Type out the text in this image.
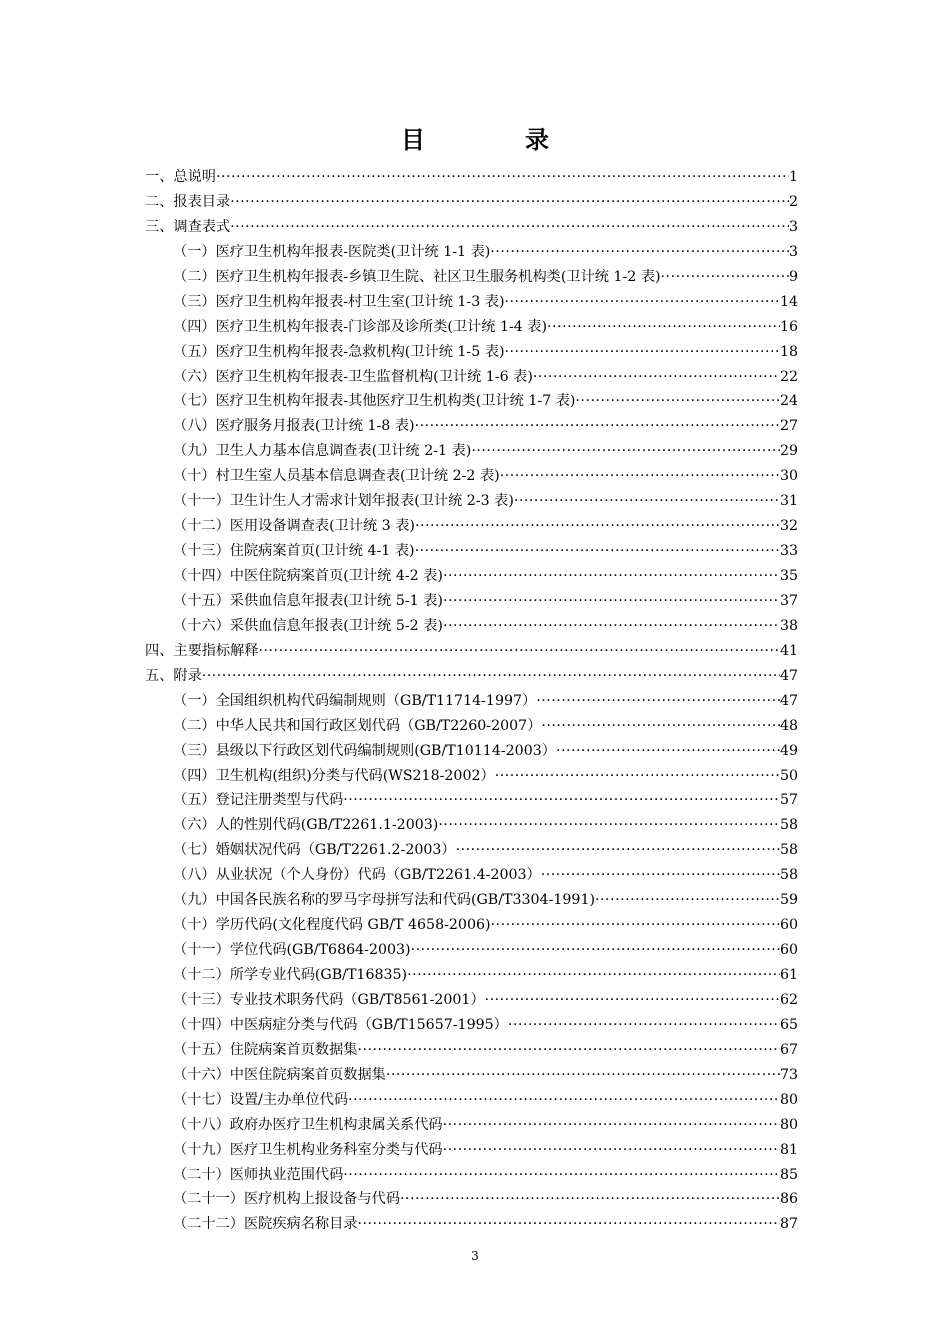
目　录
一、总说明 ·····	1
二、报表目录 ·····	2
三、调查表式 ·····	3
（一）医疗卫生机构年报表-医院类(卫计统 1-1 表) ·····	3
（二）医疗卫生机构年报表-乡镇卫生院、社区卫生服务机构类(卫计统 1-2 表) ·····	9
（三）医疗卫生机构年报表-村卫生室(卫计统 1-3 表) ·····	14
（四）医疗卫生机构年报表-门诊部及诊所类(卫计统 1-4 表) ·····	16
（五）医疗卫生机构年报表-急救机构(卫计统 1-5 表) ·····	18
（六）医疗卫生机构年报表-卫生监督机构(卫计统 1-6 表) ·····	22
（七）医疗卫生机构年报表-其他医疗卫生机构类(卫计统 1-7 表) ·····	24
（八）医疗服务月报表(卫计统 1-8 表) ·····	27
（九）卫生人力基本信息调查表(卫计统 2-1 表) ·····	29
（十）村卫生室人员基本信息调查表(卫计统 2-2 表) ·····	30
（十一）卫生计生人才需求计划年报表(卫计统 2-3 表) ·····	31
（十二）医用设备调查表(卫计统 3 表) ·····	32
（十三）住院病案首页(卫计统 4-1 表) ·····	33
（十四）中医住院病案首页(卫计统 4-2 表) ·····	35
（十五）采供血信息年报表(卫计统 5-1 表) ·····	37
（十六）采供血信息年报表(卫计统 5-2 表) ·····	38
四、主要指标解释 ·····	41
五、附录 ·····	47
（一）全国组织机构代码编制规则（GB/T11714-1997） ·····	47
（二）中华人民共和国行政区划代码（GB/T2260-2007） ·····	48
（三）县级以下行政区划代码编制规则(GB/T10114-2003） ·····	49
（四）卫生机构(组织)分类与代码(WS218-2002） ·····	50
（五）登记注册类型与代码 ·····	57
（六）人的性别代码(GB/T2261.1-2003) ·····	58
（七）婚姻状况代码（GB/T2261.2-2003） ·····	58
（八）从业状况（个人身份）代码（GB/T2261.4-2003） ·····	58
（九）中国各民族名称的罗马字母拼写法和代码(GB/T3304-1991) ·····	59
（十）学历代码(文化程度代码 GB/T 4658-2006) ·····	60
（十一）学位代码(GB/T6864-2003) ·····	60
（十二）所学专业代码(GB/T16835) ·····	61
（十三）专业技术职务代码（GB/T8561-2001） ·····	62
（十四）中医病症分类与代码（GB/T15657-1995） ·····	65
（十五）住院病案首页数据集 ·····	67
（十六）中医住院病案首页数据集 ·····	73
（十七）设置/主办单位代码 ·····	80
（十八）政府办医疗卫生机构隶属关系代码 ·····	80
（十九）医疗卫生机构业务科室分类与代码 ·····	81
（二十）医师执业范围代码 ·····	85
（二十一）医疗机构上报设备与代码 ·····	86
（二十二）医院疾病名称目录 ·····	87
3
